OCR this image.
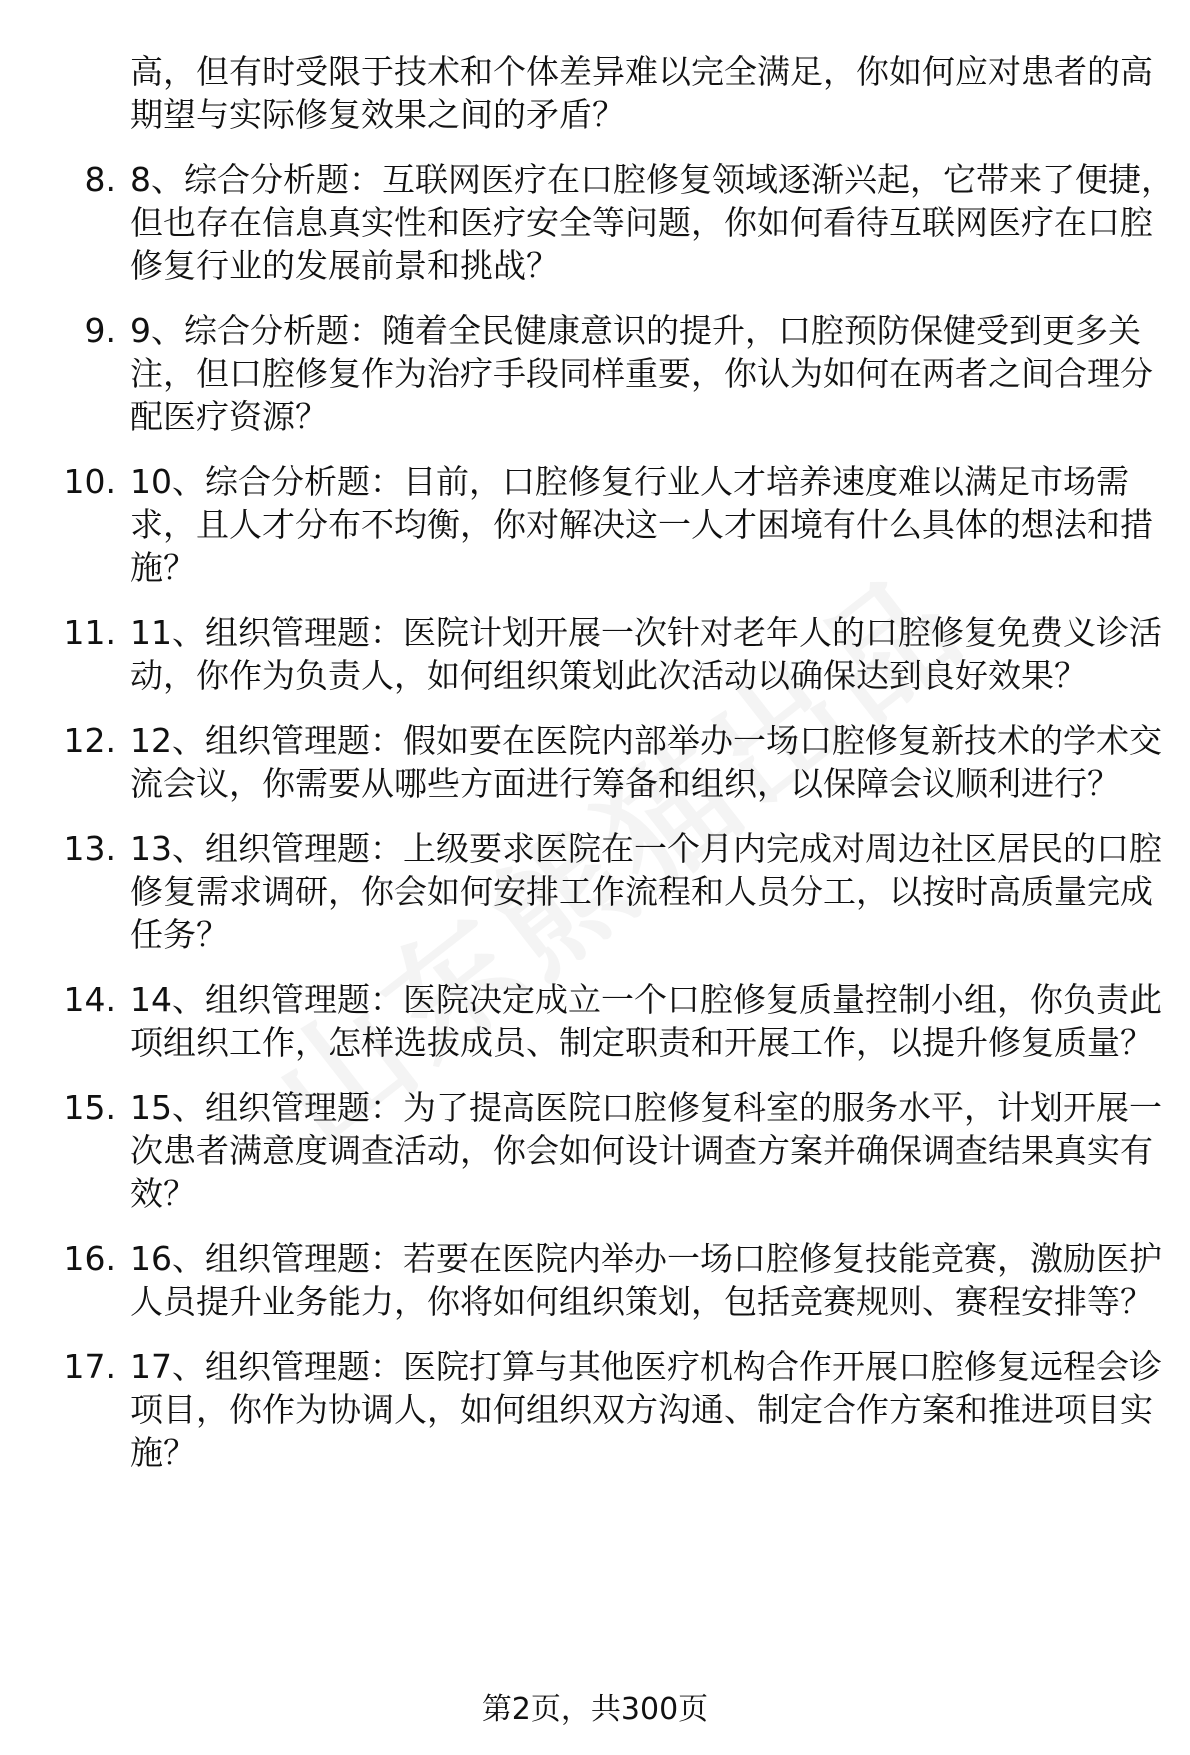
高，但有时受限于技术和个体差异难以完全满足，你如何应对患者的高期望与实际修复效果之间的矛盾？
8. 8、综合分析题：互联网医疗在口腔修复领域逐渐兴起，它带来了便捷，但也存在信息真实性和医疗安全等问题，你如何看待互联网医疗在口腔修复行业的发展前景和挑战？
9. 9、综合分析题：随着全民健康意识的提升，口腔预防保健受到更多关注，但口腔修复作为治疗手段同样重要，你认为如何在两者之间合理分配医疗资源？
10. 10、综合分析题：目前，口腔修复行业人才培养速度难以满足市场需求，且人才分布不均衡，你对解决这一人才困境有什么具体的想法和措施？
11. 11、组织管理题：医院计划开展一次针对老年人的口腔修复免费义诊活动，你作为负责人，如何组织策划此次活动以确保达到良好效果？
12. 12、组织管理题：假如要在医院内部举办一场口腔修复新技术的学术交流会议，你需要从哪些方面进行筹备和组织，以保障会议顺利进行？
13. 13、组织管理题：上级要求医院在一个月内完成对周边社区居民的口腔修复需求调研，你会如何安排工作流程和人员分工，以按时高质量完成任务？
14. 14、组织管理题：医院决定成立一个口腔修复质量控制小组，你负责此项组织工作，怎样选拔成员、制定职责和开展工作，以提升修复质量？
15. 15、组织管理题：为了提高医院口腔修复科室的服务水平，计划开展一次患者满意度调查活动，你会如何设计调查方案并确保调查结果真实有效？
16. 16、组织管理题：若要在医院内举办一场口腔修复技能竞赛，激励医护人员提升业务能力，你将如何组织策划，包括竞赛规则、赛程安排等？
17. 17、组织管理题：医院打算与其他医疗机构合作开展口腔修复远程会诊项目，你作为协调人，如何组织双方沟通、制定合作方案和推进项目实施？
第2页，共300页
